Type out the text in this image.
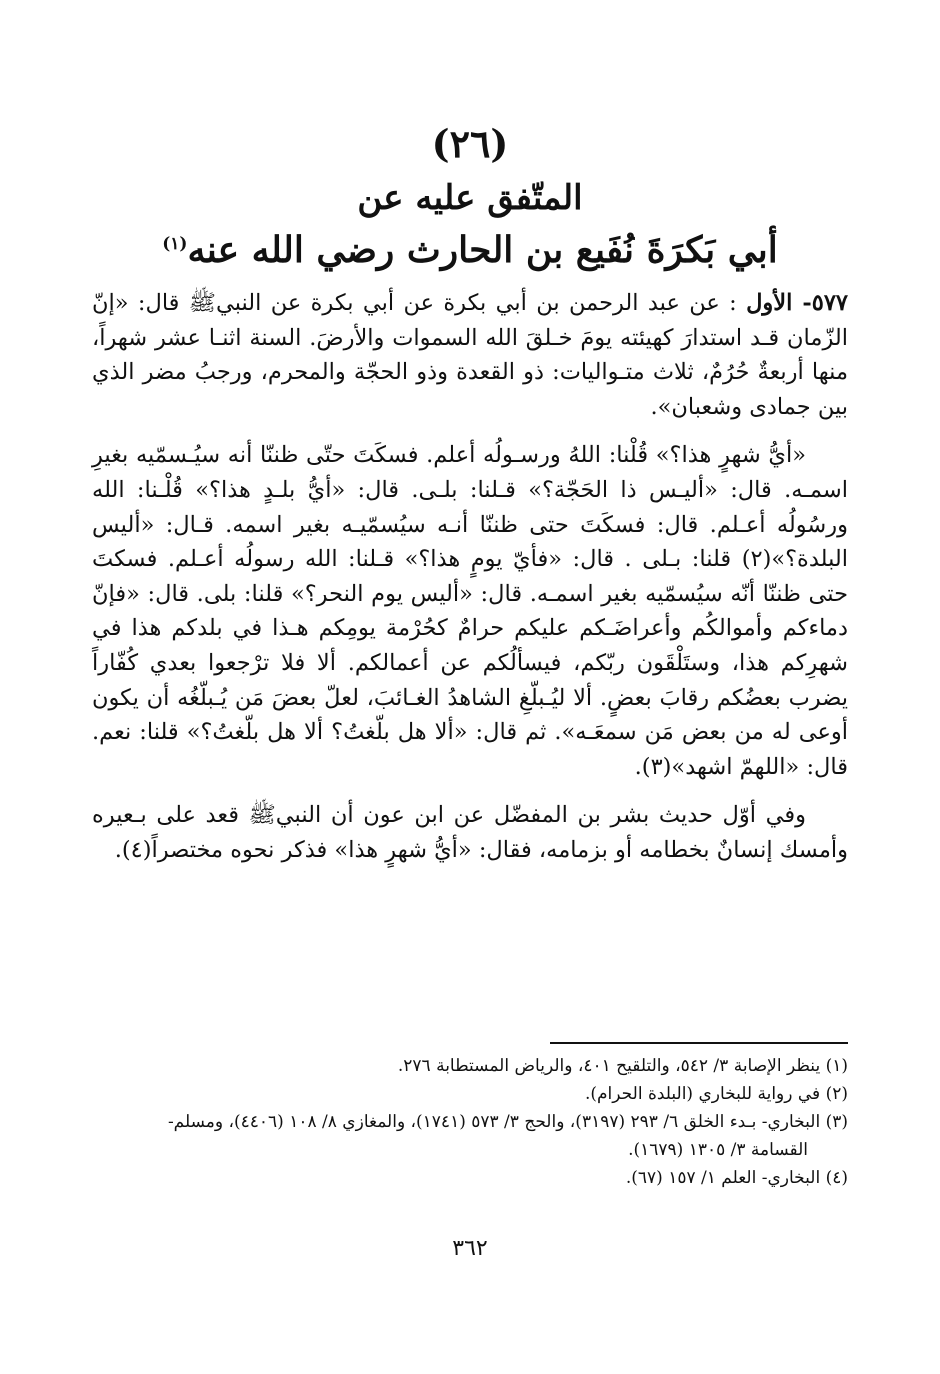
(٢٦)
المتّفق عليه عن
أبي بَكرَةَ نُفَيع بن الحارث رضي الله عنه$^{(١)}$

٥٧٧- الأول : عن عبد الرحمن بن أبي بكرة عن أبي بكرة عن النبيﷺ قال: «إنّ الزّمان قـد استدارَ كهيئته يومَ خـلقَ الله السموات والأرضَ. السنة اثنـا عشر شهراً، منها أربعةٌ حُرُمٌ، ثلاث متـواليات: ذو القعدة وذو الحجّة والمحرم، ورجبُ مضر الذي بين جمادى وشعبان».

«أيُّ شهرٍ هذا؟» قُلْنا: اللهُ ورسـولُه أعلم. فسكَتَ حتّى ظننّا أنه سيُـسمّيه بغيرِ اسمـه. قال: «أليـس ذا الحَجّة؟» قـلنا: بلـى. قال: «أيُّ بلـدٍ هذا؟» قُلْـنا: الله ورسُولُه أعـلم. قال: فسكَتَ حتى ظننّا أنـه سيُسمّيـه بغير اسمه. قـال: «أليس البلدة؟»(٢) قلنا: بـلى . قال: «فأيّ يومٍ هذا؟» قـلنا: الله رسولُه أعـلم. فسكتَ حتى ظننّا أنّه سيُسمّيه بغير اسمـه. قال: «أليس يوم النحر؟» قلنا: بلى. قال: «فإنّ دماءكم وأموالكُم وأعراضَـكم عليكم حرامٌ كحُرْمة يومِكم هـذا في بلدكم هذا في شهرِكم هذا، وستَلْقَون ربّكم، فيسألُكم عن أعمالكم. ألا فلا ترْجعوا بعدي كُفّاراً يضرب بعضُكم رقابَ بعضٍ. ألا ليُـبلّغِ الشاهدُ الغـائبَ، لعلّ بعضَ مَن يُـبلّغُه أن يكون أوعى له من بعض مَن سمعَـه». ثم قال: «ألا هل بلّغتُ؟ ألا هل بلّغتُ؟» قلنا: نعم. قال: «اللهمّ اشهد»(٣).

وفي أوّل حديث بشر بن المفضّل عن ابن عون أن النبيﷺ قعد على بـعيره وأمسك إنسانٌ بخطامه أو بزمامه، فقال: «أيُّ شهرٍ هذا» فذكر نحوه مختصراً(٤).

(١) ينظر الإصابة ٣/ ٥٤٢، والتلقيح ٤٠١، والرياض المستطابة ٢٧٦.

(٢) في رواية للبخاري (البلدة الحرام).

(٣) البخاري- بـدء الخلق ٦/ ٢٩٣ (٣١٩٧)، والحج ٣/ ٥٧٣ (١٧٤١)، والمغازي ٨/ ١٠٨ (٤٤٠٦)، ومسلم-

القسامة ٣/ ١٣٠٥ (١٦٧٩).

(٤) البخاري- العلم ١/ ١٥٧ (٦٧).

٣٦٢
